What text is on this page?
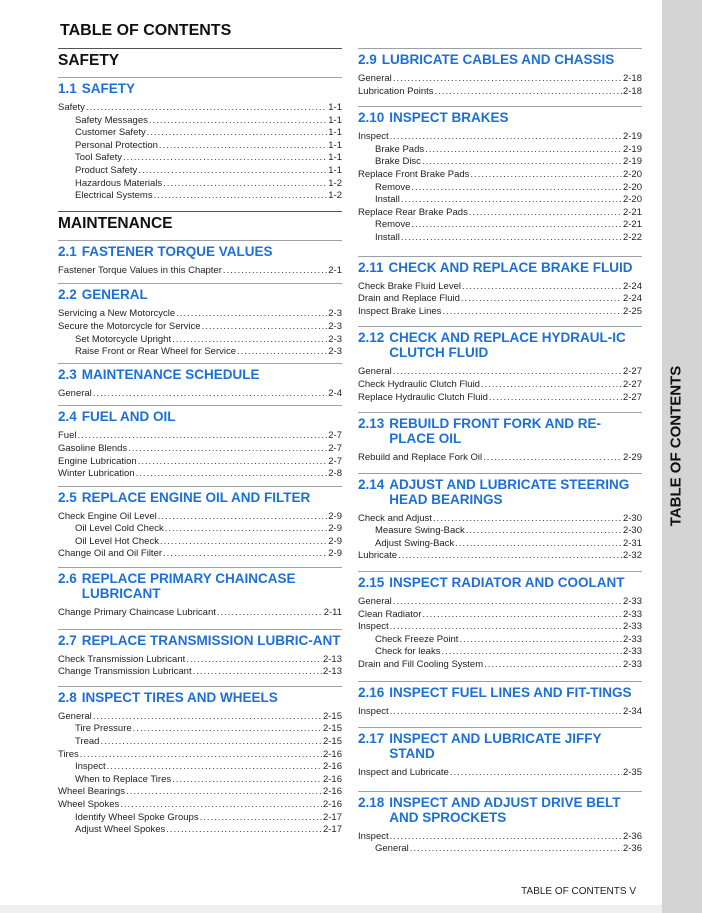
TABLE OF CONTENTS
TABLE OF CONTENTS
SAFETY
1.1 SAFETY
Safety .....	1-1
Safety Messages .....	1-1
Customer Safety .....	1-1
Personal Protection .....	1-1
Tool Safety .....	1-1
Product Safety .....	1-1
Hazardous Materials .....	1-2
Electrical Systems .....	1-2
MAINTENANCE
2.1 FASTENER TORQUE VALUES
Fastener Torque Values in this Chapter .....	2-1
2.2 GENERAL
Servicing a New Motorcycle .....	2-3
Secure the Motorcycle for Service .....	2-3
Set Motorcycle Upright .....	2-3
Raise Front or Rear Wheel for Service .....	2-3
2.3 MAINTENANCE SCHEDULE
General .....	2-4
2.4 FUEL AND OIL
Fuel .....	2-7
Gasoline Blends .....	2-7
Engine Lubrication .....	2-7
Winter Lubrication .....	2-8
2.5 REPLACE ENGINE OIL AND FILTER
Check Engine Oil Level .....	2-9
Oil Level Cold Check .....	2-9
Oil Level Hot Check .....	2-9
Change Oil and Oil Filter .....	2-9
2.6 REPLACE PRIMARY CHAINCASE LUBRICANT
Change Primary Chaincase Lubricant .....	2-11
2.7 REPLACE TRANSMISSION LUBRIC-ANT
Check Transmission Lubricant .....	2-13
Change Transmission Lubricant .....	2-13
2.8 INSPECT TIRES AND WHEELS
General .....	2-15
Tire Pressure .....	2-15
Tread .....	2-15
Tires .....	2-16
Inspect .....	2-16
When to Replace Tires .....	2-16
Wheel Bearings .....	2-16
Wheel Spokes .....	2-16
Identify Wheel Spoke Groups .....	2-17
Adjust Wheel Spokes .....	2-17
2.9 LUBRICATE CABLES AND CHASSIS
General .....	2-18
Lubrication Points .....	2-18
2.10 INSPECT BRAKES
Inspect .....	2-19
Brake Pads .....	2-19
Brake Disc .....	2-19
Replace Front Brake Pads .....	2-20
Remove .....	2-20
Install .....	2-20
Replace Rear Brake Pads .....	2-21
Remove .....	2-21
Install .....	2-22
2.11 CHECK AND REPLACE BRAKE FLUID
Check Brake Fluid Level .....	2-24
Drain and Replace Fluid .....	2-24
Inspect Brake Lines .....	2-25
2.12 CHECK AND REPLACE HYDRAUL-IC CLUTCH FLUID
General .....	2-27
Check Hydraulic Clutch Fluid .....	2-27
Replace Hydraulic Clutch Fluid .....	2-27
2.13 REBUILD FRONT FORK AND RE-PLACE OIL
Rebuild and Replace Fork Oil .....	2-29
2.14 ADJUST AND LUBRICATE STEERING HEAD BEARINGS
Check and Adjust .....	2-30
Measure Swing-Back .....	2-30
Adjust Swing-Back .....	2-31
Lubricate .....	2-32
2.15 INSPECT RADIATOR AND COOLANT
General .....	2-33
Clean Radiator .....	2-33
Inspect .....	2-33
Check Freeze Point .....	2-33
Check for leaks .....	2-33
Drain and Fill Cooling System .....	2-33
2.16 INSPECT FUEL LINES AND FIT-TINGS
Inspect .....	2-34
2.17 INSPECT AND LUBRICATE JIFFY STAND
Inspect and Lubricate .....	2-35
2.18 INSPECT AND ADJUST DRIVE BELT AND SPROCKETS
Inspect .....	2-36
General .....	2-36
TABLE OF CONTENTS V
